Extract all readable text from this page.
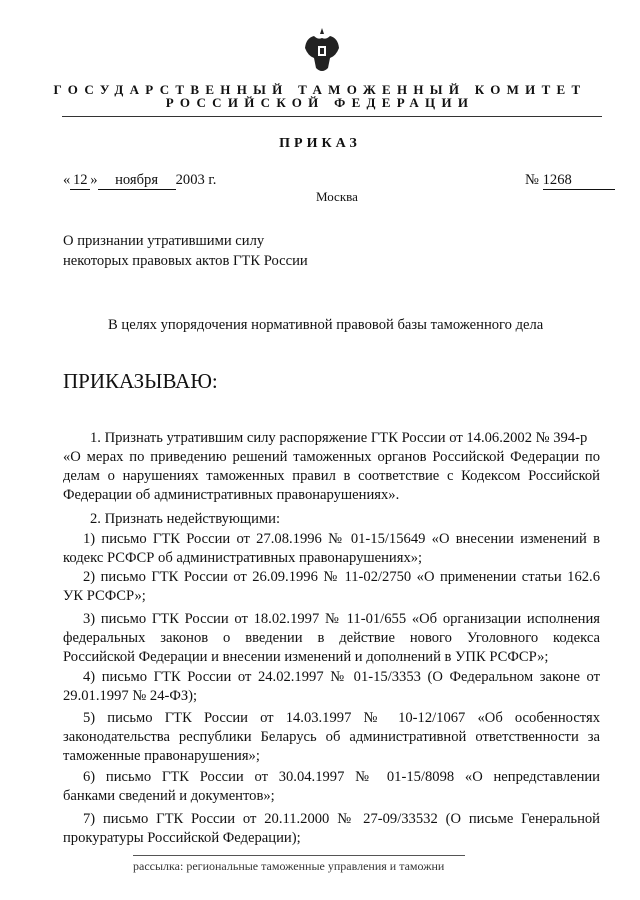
ГОСУДАРСТВЕННЫЙ ТАМОЖЕННЫЙ КОМИТЕТ
РОССИЙСКОЙ ФЕДЕРАЦИИ
ПРИКАЗ
« 12 » ноября 2003 г.	№ 1268
Москва
О признании утратившими силу
некоторых правовых актов ГТК России
В целях упорядочения нормативной правовой базы таможенного дела
ПРИКАЗЫВАЮ:
1. Признать утратившим силу распоряжение ГТК России от 14.06.2002 № 394-р
«О мерах по приведению решений таможенных органов Российской Федерации по
делам о нарушениях таможенных правил в соответствие с Кодексом Российской
Федерации об административных правонарушениях».
2. Признать недействующими:
1) письмо ГТК России от 27.08.1996 № 01-15/15649 «О внесении изменений в
кодекс РСФСР об административных правонарушениях»;
2) письмо ГТК России от 26.09.1996 № 11-02/2750 «О применении статьи 162.6
УК РСФСР»;
3) письмо ГТК России от 18.02.1997 № 11-01/655 «Об организации исполнения
федеральных законов о введении в действие нового Уголовного кодекса
Российской Федерации и внесении изменений и дополнений в УПК РСФСР»;
4) письмо ГТК России от 24.02.1997 № 01-15/3353 (О Федеральном законе от
29.01.1997 № 24-ФЗ);
5) письмо ГТК России от 14.03.1997 № 10-12/1067 «Об особенностях
законодательства республики Беларусь об административной ответственности за
таможенные правонарушения»;
6) письмо ГТК России от 30.04.1997 № 01-15/8098 «О непредставлении
банками сведений и документов»;
7) письмо ГТК России от 20.11.2000 № 27-09/33532 (О письме Генеральной
прокуратуры Российской Федерации);
рассылка: региональные таможенные управления и таможни
